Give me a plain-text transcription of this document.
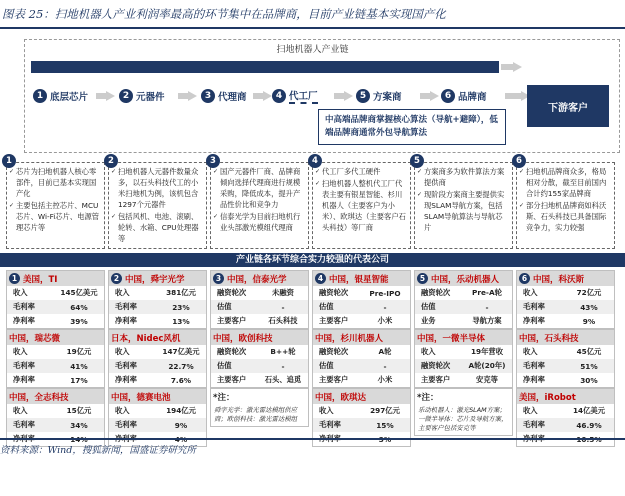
图表 25：扫地机器人产业利润率最高的环节集中在品牌商，目前产业链基本实现国产化
扫地机器人产业链
1 底层芯片	2 元器件	3 代理商	4 代工厂	5 方案商	6 品牌商
下游客户
中高端品牌商掌握核心算法（导航+避障），低端品牌商通常外包导航算法
1
✓ 芯片为扫地机器人核心零部件，目前已基本实现国产化
✓ 主要包括主控芯片、MCU芯片、Wi-Fi芯片、电源管理芯片等
2
✓ 扫地机器人元器件数量众多，以石头科技代工的小米扫地机为例，该机包含1297个元器件
✓ 包括风机、电池、滚刷、轮转、水箱、CPU处理器等
3
✓ 国产元器件厂商、品牌商倾向选择代理商进行规模采购，降低成本，提升产品性价比和竞争力
✓ 信泰光学为目前扫地机行业头部激光模组代理商
4
✓ 代工厂多代工硬件
✓ 扫地机器人整机代工厂代表主要有银星智能、杉川机器人（主要客户为小米）、欧琪达（主要客户石头科技）等厂商
5
✓ 方案商多为软件算法方案提供商
✓ 现阶段方案商主要提供实现SLAM导航方案，包括SLAM导航算法与导航芯片
6
✓ 扫地机品牌商众多，格局相对分散，截至目前国内合计约155家品牌商
✓ 部分扫地机品牌商如科沃斯、石头科技已具备国际竞争力，实力较强
产业链各环节综合实力较强的代表公司
1 美国，TI
收入	145亿美元
毛利率	64%
净利率	39%
中国，瑞芯微
收入	19亿元
毛利率	41%
净利率	17%
中国，全志科技
收入	15亿元
毛利率	34%
2 中国，舜宇光学
收入	381亿元
毛利率	23%
净利率	13%
日本，Nidec风机
收入	147亿美元
毛利率	22.7%
净利率	7.6%
中国，德赛电池
收入	194亿元
毛利率	9%
3 中国，信泰光学
融资轮次	未融资
估值	-
主要客户	石头科技
中国，欧创科技
融资轮次	B++轮
估值	-
主要客户	石头、追觅
*注：
舜宇光学：激光雷达模组供应商；欧创科技：激光雷达模组
4 中国，银星智能
融资轮次	Pre-IPO
估值	-
主要客户	小米
中国，杉川机器人
融资轮次	A轮
估值	-
主要客户	小米
中国，欧琪达
收入	297亿元
毛利率	15%
5 中国，乐动机器人
融资轮次	Pre-A轮
估值	-
业务	导航方案
中国，一微半导体
收入	19年营收
融资轮次	A轮(20年)
主要客户	安克等
*注：
乐动机器人：激光SLAM方案；一微半导体：芯片及导航方案，主要客户包括安克等
6 中国，科沃斯
收入	72亿元
毛利率	43%
净利率	9%
中国，石头科技
收入	45亿元
毛利率	51%
净利率	30%
美国，iRobot
收入	14亿美元
毛利率	46.9%
资料来源：Wind，搜狐新闻，国盛证券研究所
